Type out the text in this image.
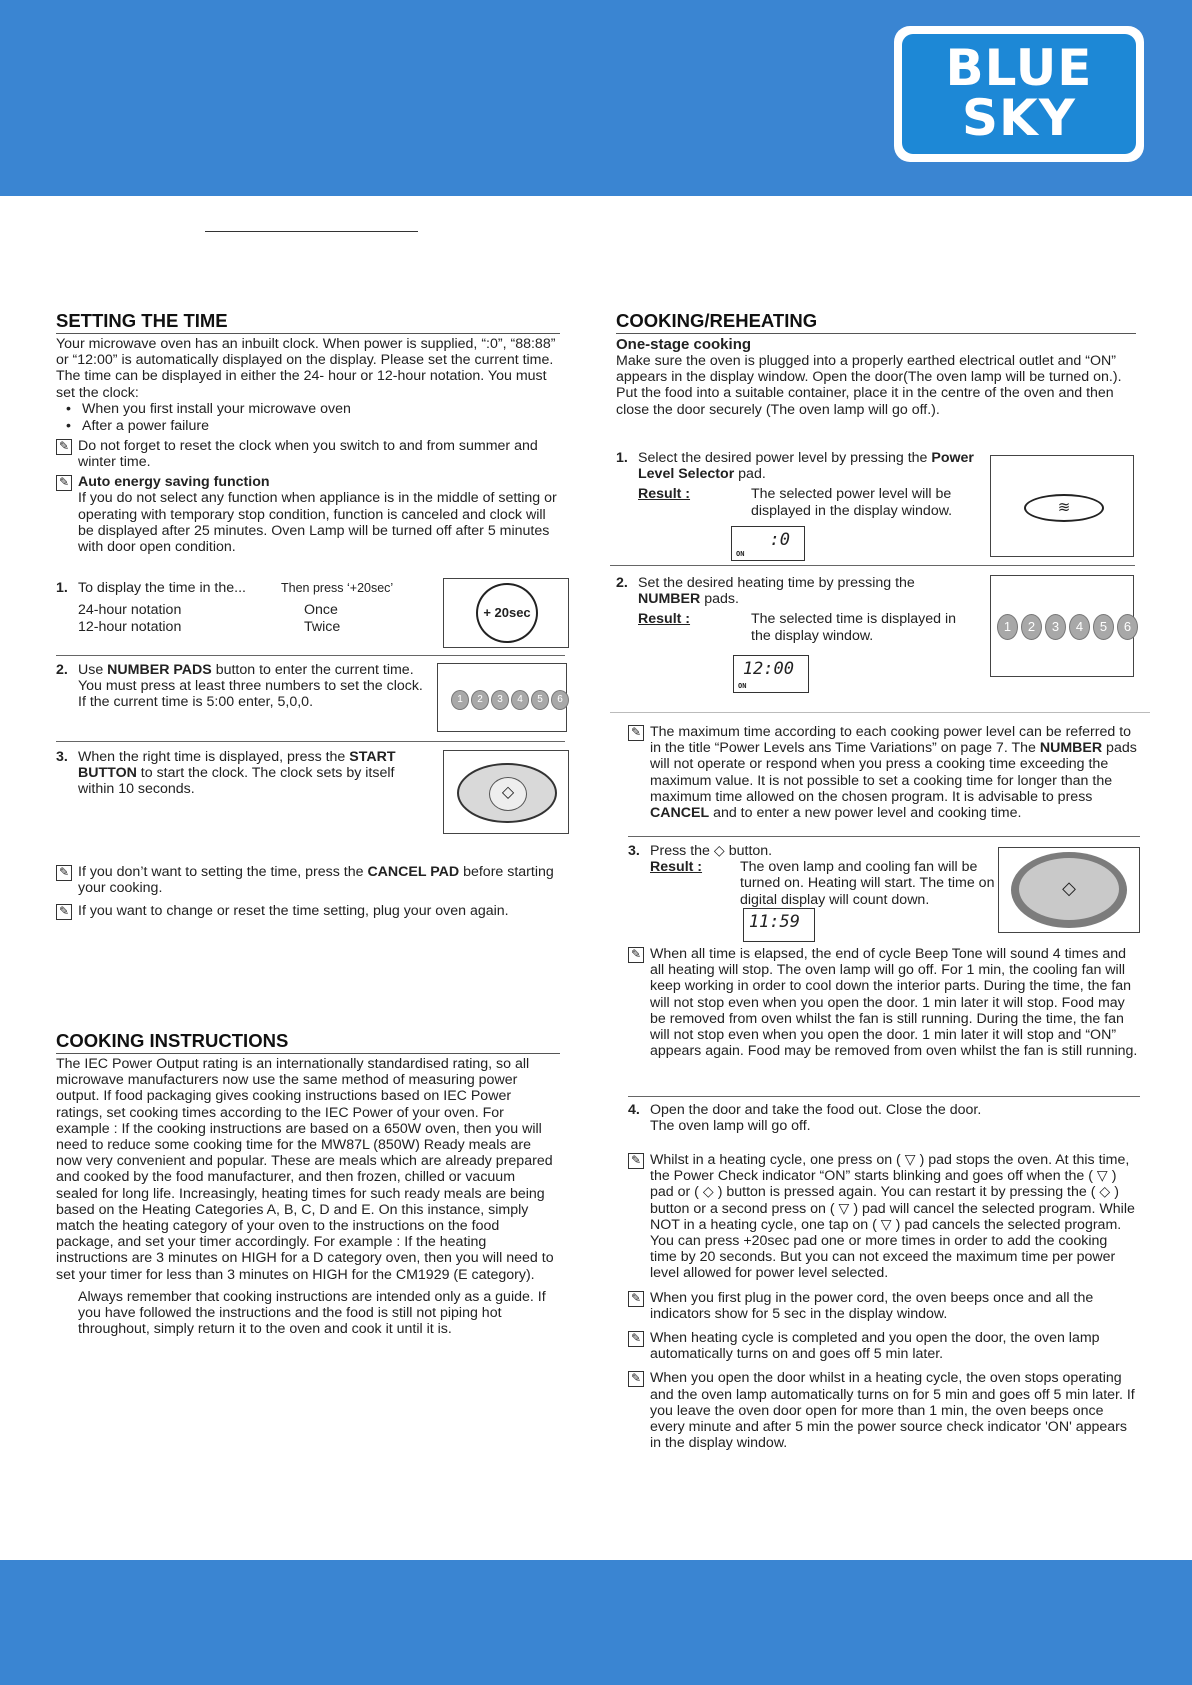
BLUE
SKY
SETTING THE TIME

Your microwave oven has an inbuilt clock. When power is supplied, “:0”, “88:88” or “12:00” is automatically displayed on the display. Please set the current time. The time can be displayed in either the 24- hour or 12-hour notation. You must set the clock:

• When you first install your microwave oven
• After a power failure
✎ Do not forget to reset the clock when you switch to and from summer and winter time.
✎ Auto energy saving function
If you do not select any function when appliance is in the middle of setting or operating with temporary stop condition, function is canceled and clock will be displayed after 25 minutes. Oven Lamp will be turned off after 5 minutes with door open condition.
1. To display the time in the...	Then press ‘+20sec’
24-hour notation	Once
12-hour notation	Twice
+ 20sec
2. Use NUMBER PADS button to enter the current time. You must press at least three numbers to set the clock. If the current time is 5:00 enter, 5,0,0.	1 2 3 4 5 6
3. When the right time is displayed, press the START BUTTON to start the clock. The clock sets by itself within 10 seconds.	◇
✎ If you don’t want to setting the time, press the CANCEL PAD before starting your cooking.
✎ If you want to change or reset the time setting, plug your oven again.
COOKING INSTRUCTIONS

The IEC Power Output rating is an internationally standardised rating, so all microwave manufacturers now use the same method of measuring power output. If food packaging gives cooking instructions based on IEC Power ratings, set cooking times according to the IEC Power of your oven. For example : If the cooking instructions are based on a 650W oven, then you will need to reduce some cooking time for the MW87L (850W) Ready meals are now very convenient and popular. These are meals which are already prepared and cooked by the food manufacturer, and then frozen, chilled or vacuum sealed for long life. Increasingly, heating times for such ready meals are being based on the Heating Categories A, B, C, D and E. On this instance, simply match the heating category of your oven to the instructions on the food package, and set your timer accordingly. For example : If the heating instructions are 3 minutes on HIGH for a D category oven, then you will need to set your timer for less than 3 minutes on HIGH for the CM1929 (E category).

Always remember that cooking instructions are intended only as a guide. If you have followed the instructions and the food is still not piping hot throughout, simply return it to the oven and cook it until it is.

COOKING/REHEATING
One-stage cooking

Make sure the oven is plugged into a properly earthed electrical outlet and “ON” appears in the display window. Open the door(The oven lamp will be turned on.). Put the food into a suitable container, place it in the centre of the oven and then close the door securely (The oven lamp will go off.).

1. Select the desired power level by pressing the Power Level Selector pad.
Result :	The selected power level will be displayed in the display window.
:0
ON
≋
2. Set the desired heating time by pressing the NUMBER pads.
Result :	The selected time is displayed in the display window.
12:00
ON
1 2 3 4 5 6
✎ The maximum time according to each cooking power level can be referred to in the title “Power Levels ans Time Variations” on page 7. The NUMBER pads will not operate or respond when you press a cooking time exceeding the maximum value. It is not possible to set a cooking time for longer than the maximum time allowed on the chosen program. It is advisable to press CANCEL and to enter a new power level and cooking time.
3. Press the ◇ button.
Result :	The oven lamp and cooling fan will be turned on. Heating will start. The time on digital display will count down.
11:59
◇
✎ When all time is elapsed, the end of cycle Beep Tone will sound 4 times and all heating will stop. The oven lamp will go off. For 1 min, the cooling fan will keep working in order to cool down the interior parts. During the time, the fan will not stop even when you open the door. 1 min later it will stop. Food may be removed from oven whilst the fan is still running. During the time, the fan will not stop even when you open the door. 1 min later it will stop and “ON” appears again. Food may be removed from oven whilst the fan is still running.
4. Open the door and take the food out. Close the door. The oven lamp will go off.
✎ Whilst in a heating cycle, one press on ( ▽ ) pad stops the oven. At this time, the Power Check indicator “ON” starts blinking and goes off when the ( ▽ ) pad or ( ◇ ) button is pressed again. You can restart it by pressing the ( ◇ ) button or a second press on ( ▽ ) pad will cancel the selected program. While NOT in a heating cycle, one tap on ( ▽ ) pad cancels the selected program. You can press +20sec pad one or more times in order to add the cooking time by 20 seconds. But you can not exceed the maximum time per power level allowed for power level selected.
✎ When you first plug in the power cord, the oven beeps once and all the indicators show for 5 sec in the display window.
✎ When heating cycle is completed and you open the door, the oven lamp automatically turns on and goes off 5 min later.
✎ When you open the door whilst in a heating cycle, the oven stops operating and the oven lamp automatically turns on for 5 min and goes off 5 min later. If you leave the oven door open for more than 1 min, the oven beeps once every minute and after 5 min the power source check indicator 'ON' appears in the display window.
